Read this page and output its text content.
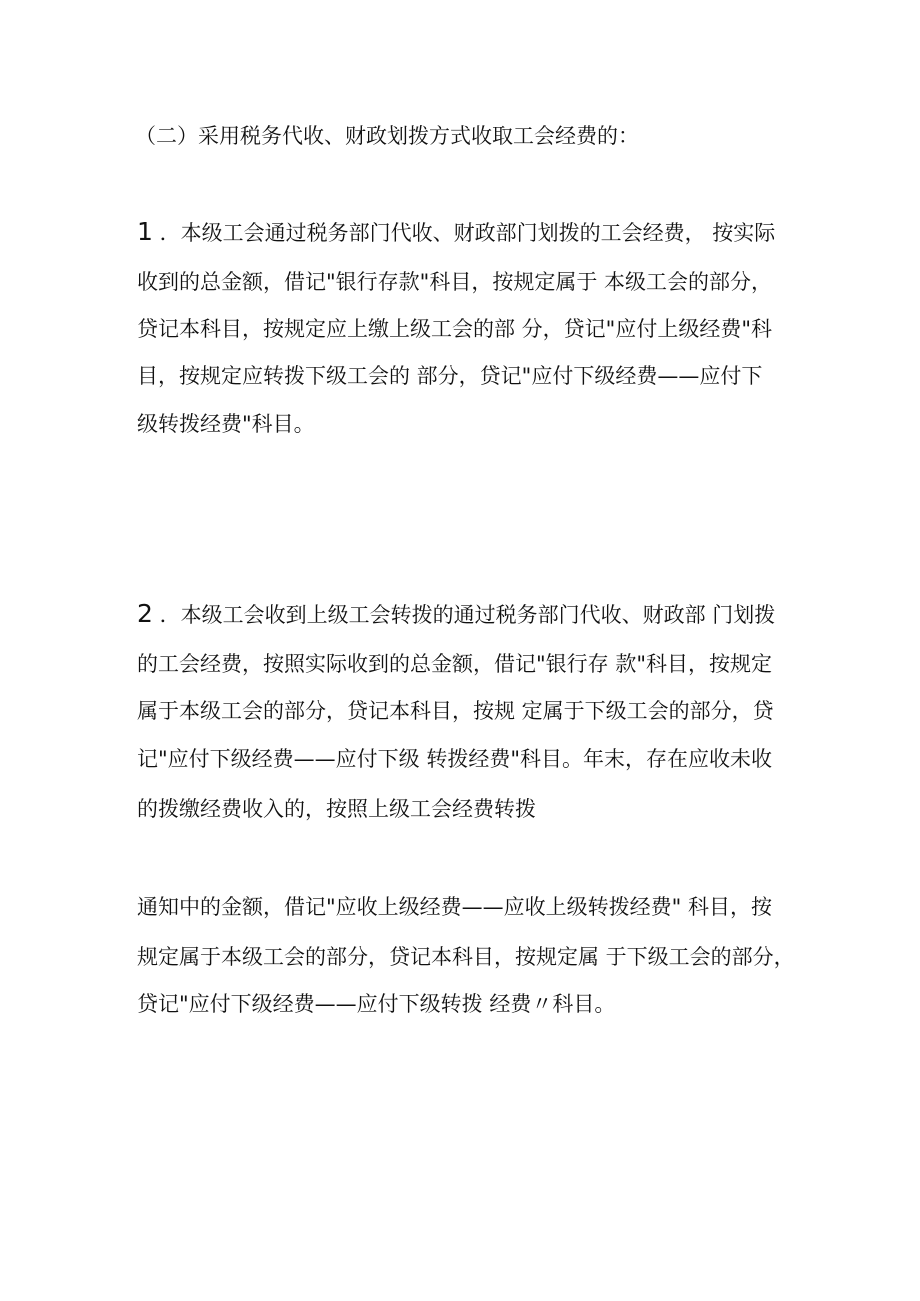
（二）采用税务代收、财政划拨方式收取工会经费的：
1 ．本级工会通过税务部门代收、财政部门划拨的工会经费， 按实际
收到的总金额，借记"银行存款"科目，按规定属于 本级工会的部分，
贷记本科目，按规定应上缴上级工会的部 分，贷记"应付上级经费"科
目，按规定应转拨下级工会的 部分，贷记"应付下级经费——应付下
级转拨经费"科目。
2 ．本级工会收到上级工会转拨的通过税务部门代收、财政部 门划拨
的工会经费，按照实际收到的总金额，借记"银行存 款"科目，按规定
属于本级工会的部分，贷记本科目，按规 定属于下级工会的部分，贷
记"应付下级经费——应付下级 转拨经费"科目。年末，存在应收未收
的拨缴经费收入的，按照上级工会经费转拨
通知中的金额，借记"应收上级经费——应收上级转拨经费" 科目，按
规定属于本级工会的部分，贷记本科目，按规定属 于下级工会的部分，
贷记"应付下级经费——应付下级转拨 经费〃科目。
